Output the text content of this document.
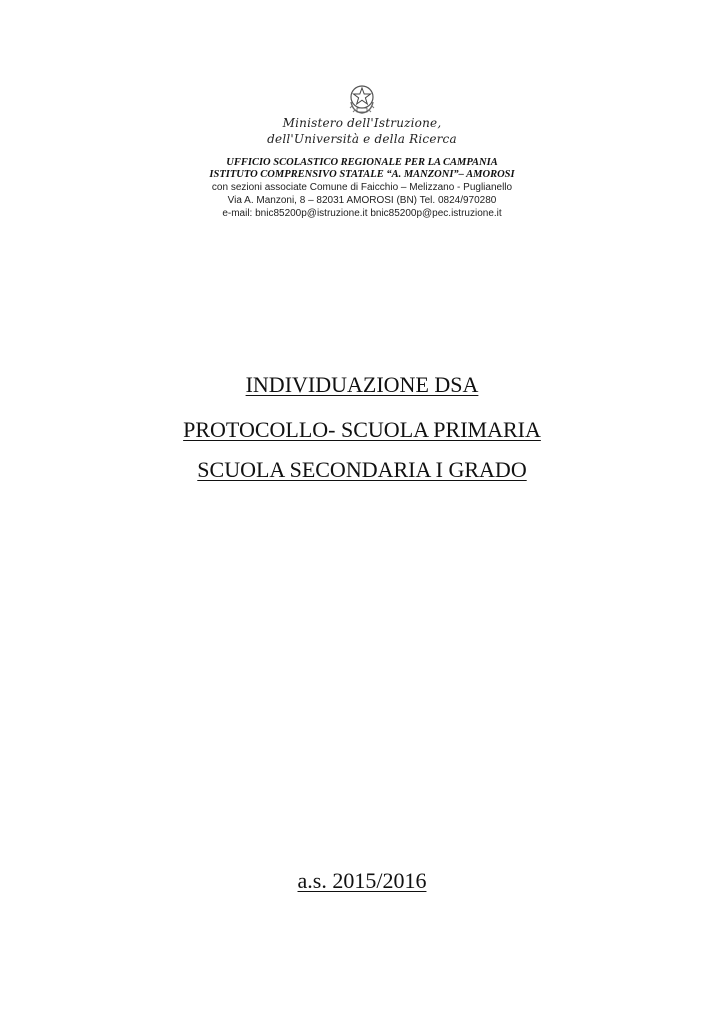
Ministero dell'Istruzione,
dell'Università e della Ricerca
UFFICIO SCOLASTICO REGIONALE PER LA CAMPANIA
ISTITUTO COMPRENSIVO STATALE “A. MANZONI”– AMOROSI
con sezioni associate Comune di Faicchio – Melizzano - Puglianello
Via A. Manzoni, 8 – 82031 AMOROSI (BN) Tel. 0824/970280
e-mail: bnic85200p@istruzione.it bnic85200p@pec.istruzione.it
INDIVIDUAZIONE DSA
PROTOCOLLO- SCUOLA PRIMARIA
SCUOLA SECONDARIA I GRADO
a.s. 2015/2016
